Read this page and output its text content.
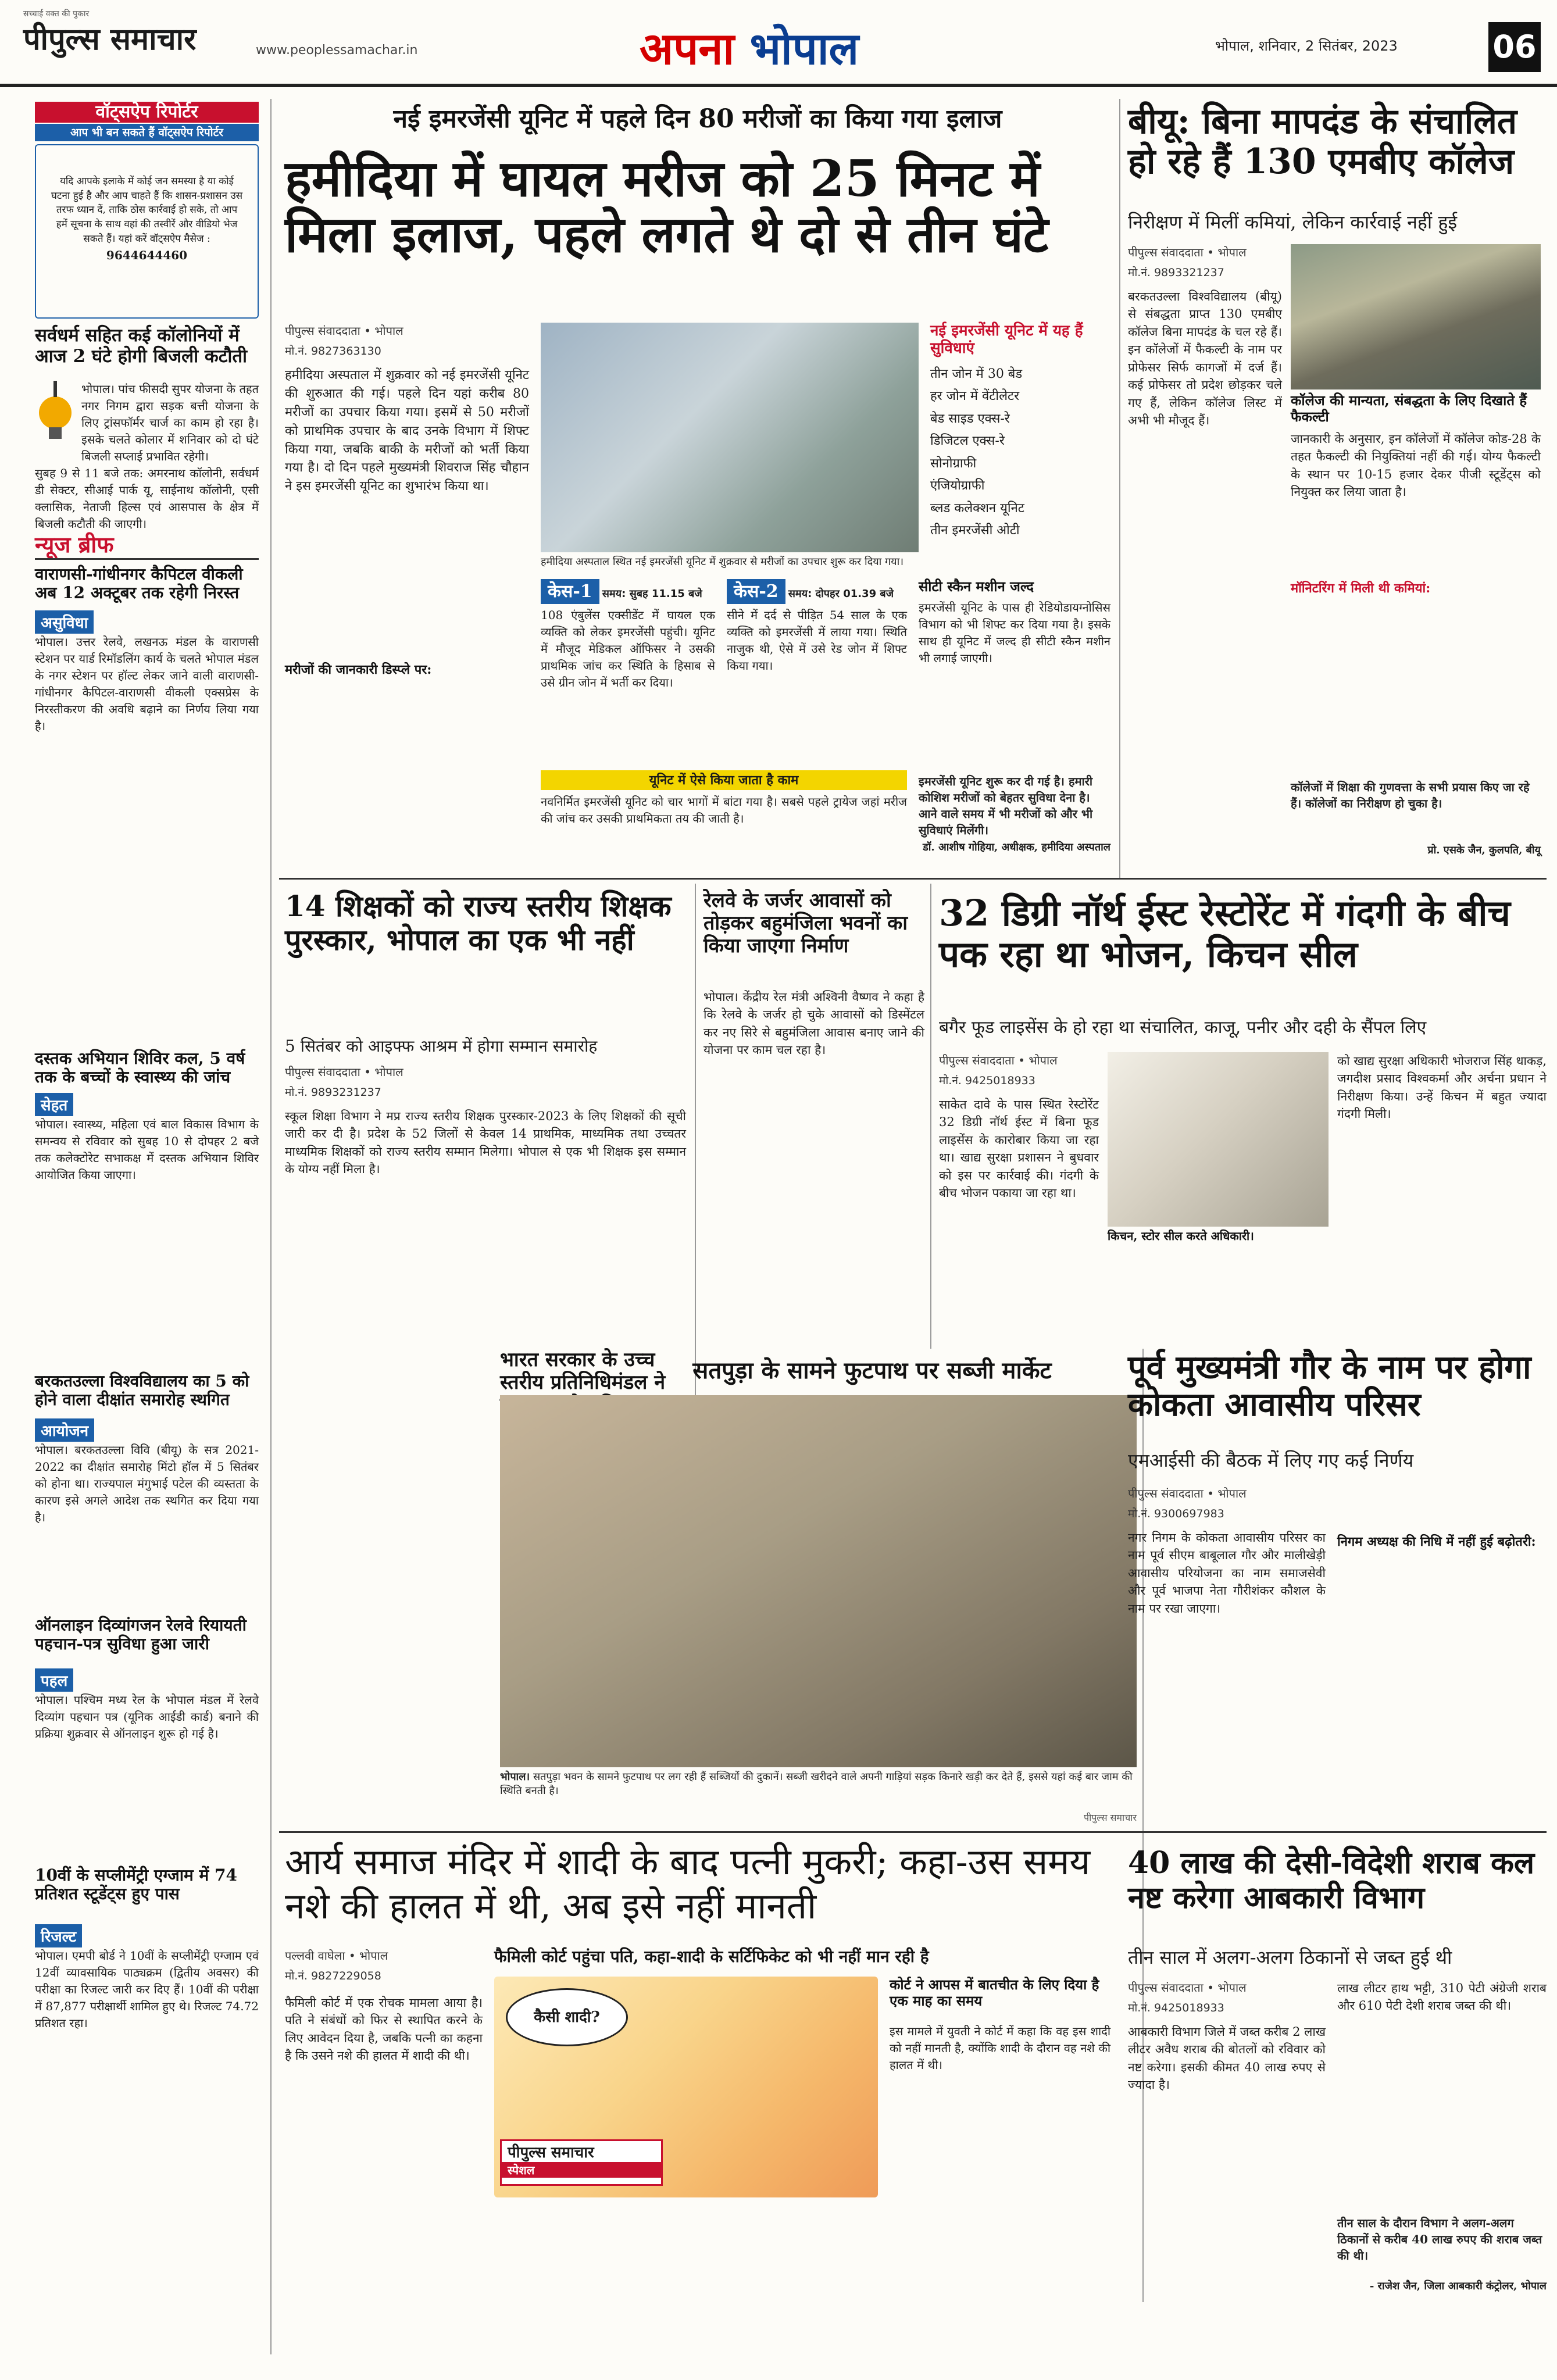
सच्चाई वक्त की पुकार
पीपुल्स समाचार	www.peoplessamachar.in	अपना भोपाल	भोपाल, शनिवार, 2 सितंबर, 2023	06
वॉट्सऐप रिपोर्टर
आप भी बन सकते हैं वॉट्सऐप रिपोर्टर
यदि आपके इलाके में कोई जन समस्या है या कोई घटना हुई है और आप चाहते हैं कि शासन-प्रशासन उस तरफ ध्यान दें, ताकि ठोस कार्रवाई हो सके, तो आप हमें सूचना के साथ वहां की तस्वीरें और वीडियो भेज सकते हैं। यहां करें वॉट्सऐप मैसेज :
9644644460
सर्वधर्म सहित कई कॉलोनियों में आज 2 घंटे होगी बिजली कटौती
भोपाल। पांच फीसदी सुपर योजना के तहत नगर निगम द्वारा सड़क बत्ती योजना के लिए ट्रांसफॉर्मर चार्ज का काम हो रहा है। इसके चलते कोलार में शनिवार को दो घंटे बिजली सप्लाई प्रभावित रहेगी।
सुबह 9 से 11 बजे तक: अमरनाथ कॉलोनी, सर्वधर्म डी सेक्टर, सीआई पार्क यू, साईनाथ कॉलोनी, एसी क्लासिक, नेताजी हिल्स एवं आसपास के क्षेत्र में बिजली कटौती की जाएगी।
न्यूज ब्रीफ
वाराणसी-गांधीनगर कैपिटल वीकली अब 12 अक्टूबर तक रहेगी निरस्त
असुविधा
भोपाल। उत्तर रेलवे, लखनऊ मंडल के वाराणसी स्टेशन पर यार्ड रिमॉडलिंग कार्य के चलते भोपाल मंडल के नगर स्टेशन पर हॉल्ट लेकर जाने वाली वाराणसी-गांधीनगर कैपिटल-वाराणसी वीकली एक्सप्रेस के निरस्तीकरण की अवधि बढ़ाने का निर्णय लिया गया है।
दस्तक अभियान शिविर कल, 5 वर्ष तक के बच्चों के स्वास्थ्य की जांच
सेहत
भोपाल। स्वास्थ्य, महिला एवं बाल विकास विभाग के समन्वय से रविवार को सुबह 10 से दोपहर 2 बजे तक कलेक्टोरेट सभाकक्ष में दस्तक अभियान शिविर आयोजित किया जाएगा।
बरकतउल्ला विश्वविद्यालय का 5 को होने वाला दीक्षांत समारोह स्थगित
आयोजन
भोपाल। बरकतउल्ला विवि (बीयू) के सत्र 2021-2022 का दीक्षांत समारोह मिंटो हॉल में 5 सितंबर को होना था। राज्यपाल मंगुभाई पटेल की व्यस्तता के कारण इसे अगले आदेश तक स्थगित कर दिया गया है।
ऑनलाइन दिव्यांगजन रेलवे रियायती पहचान-पत्र सुविधा हुआ जारी
पहल
भोपाल। पश्चिम मध्य रेल के भोपाल मंडल में रेलवे दिव्यांग पहचान पत्र (यूनिक आईडी कार्ड) बनाने की प्रक्रिया शुक्रवार से ऑनलाइन शुरू हो गई है।
10वीं के सप्लीमेंट्री एग्जाम में 74 प्रतिशत स्टूडेंट्स हुए पास
रिजल्ट
भोपाल। एमपी बोर्ड ने 10वीं के सप्लीमेंट्री एग्जाम एवं 12वीं व्यावसायिक पाठ्यक्रम (द्वितीय अवसर) की परीक्षा का रिजल्ट जारी कर दिए हैं। 10वीं की परीक्षा में 87,877 परीक्षार्थी शामिल हुए थे। रिजल्ट 74.72 प्रतिशत रहा।
नई इमरजेंसी यूनिट में पहले दिन 80 मरीजों का किया गया इलाज
हमीदिया में घायल मरीज को 25 मिनट में मिला इलाज, पहले लगते थे दो से तीन घंटे
पीपुल्स संवाददाता • भोपाल
मो.नं. 9827363130
हमीदिया अस्पताल स्थित नई इमरजेंसी यूनिट में शुक्रवार से मरीजों का उपचार शुरू कर दिया गया।
नई इमरजेंसी यूनिट में यह हैं सुविधाएं
तीन जोन में 30 बेड
हर जोन में वेंटीलेटर
बेड साइड एक्स-रे
डिजिटल एक्स-रे
सोनोग्राफी
एंजियोग्राफी
ब्लड कलेक्शन यूनिट
तीन इमरजेंसी ओटी
हमीदिया अस्पताल में शुक्रवार को नई इमरजेंसी यूनिट की शुरुआत की गई। पहले दिन यहां करीब 80 मरीजों का उपचार किया गया। इसमें से 50 मरीजों को प्राथमिक उपचार के बाद उनके विभाग में शिफ्ट किया गया, जबकि बाकी के मरीजों को भर्ती किया गया है। दो दिन पहले मुख्यमंत्री शिवराज सिंह चौहान ने इस इमरजेंसी यूनिट का शुभारंभ किया था।
मरीजों की जानकारी डिस्प्ले पर:
केस-1 समय: सुबह 11.15 बजे
108 एंबुलेंस एक्सीडेंट में घायल एक व्यक्ति को लेकर इमरजेंसी पहुंची। यूनिट में मौजूद मेडिकल ऑफिसर ने उसकी प्राथमिक जांच कर स्थिति के हिसाब से उसे ग्रीन जोन में भर्ती कर दिया।
केस-2 समय: दोपहर 01.39 बजे
सीने में दर्द से पीड़ित 54 साल के एक व्यक्ति को इमरजेंसी में लाया गया। स्थिति नाजुक थी, ऐसे में उसे रेड जोन में शिफ्ट किया गया।
सीटी स्कैन मशीन जल्द
इमरजेंसी यूनिट के पास ही रेडियोडायग्नोसिस विभाग को भी शिफ्ट कर दिया गया है। इसके साथ ही यूनिट में जल्द ही सीटी स्कैन मशीन भी लगाई जाएगी।
यूनिट में ऐसे किया जाता है काम
नवनिर्मित इमरजेंसी यूनिट को चार भागों में बांटा गया है। सबसे पहले ट्रायेज जहां मरीज की जांच कर उसकी प्राथमिकता तय की जाती है।
इमरजेंसी यूनिट शुरू कर दी गई है। हमारी कोशिश मरीजों को बेहतर सुविधा देना है। आने वाले समय में भी मरीजों को और भी सुविधाएं मिलेंगी।
डॉ. आशीष गोहिया, अधीक्षक, हमीदिया अस्पताल
बीयू: बिना मापदंड के संचालित हो रहे हैं 130 एमबीए कॉलेज
निरीक्षण में मिलीं कमियां, लेकिन कार्रवाई नहीं हुई
पीपुल्स संवाददाता • भोपाल
मो.नं. 9893321237
कॉलेज की मान्यता, संबद्धता के लिए दिखाते हैं फैकल्टी
बरकतउल्ला विश्वविद्यालय (बीयू) से संबद्धता प्राप्त 130 एमबीए कॉलेज बिना मापदंड के चल रहे हैं। इन कॉलेजों में फैकल्टी के नाम पर प्रोफेसर सिर्फ कागजों में दर्ज हैं। कई प्रोफेसर तो प्रदेश छोड़कर चले गए हैं, लेकिन कॉलेज लिस्ट में अभी भी मौजूद हैं।
जानकारी के अनुसार, इन कॉलेजों में कॉलेज कोड-28 के तहत फैकल्टी की नियुक्तियां नहीं की गई। योग्य फैकल्टी के स्थान पर 10-15 हजार देकर पीजी स्टूडेंट्स को नियुक्त कर लिया जाता है।
मॉनिटरिंग में मिली थी कमियां:
कॉलेजों में शिक्षा की गुणवत्ता के सभी प्रयास किए जा रहे हैं। कॉलेजों का निरीक्षण हो चुका है।
प्रो. एसके जैन, कुलपति, बीयू
14 शिक्षकों को राज्य स्तरीय शिक्षक पुरस्कार, भोपाल का एक भी नहीं
5 सितंबर को आइफ्फ आश्रम में होगा सम्मान समारोह
पीपुल्स संवाददाता • भोपाल
मो.नं. 9893231237
स्कूल शिक्षा विभाग ने मप्र राज्य स्तरीय शिक्षक पुरस्कार-2023 के लिए शिक्षकों की सूची जारी कर दी है। प्रदेश के 52 जिलों से केवल 14 प्राथमिक, माध्यमिक तथा उच्चतर माध्यमिक शिक्षकों को राज्य स्तरीय सम्मान मिलेगा। भोपाल से एक भी शिक्षक इस सम्मान के योग्य नहीं मिला है।
रेलवे के जर्जर आवासों को तोड़कर बहुमंजिला भवनों का किया जाएगा निर्माण
भोपाल। केंद्रीय रेल मंत्री अश्विनी वैष्णव ने कहा है कि रेलवे के जर्जर हो चुके आवासों को डिस्मेंटल कर नए सिरे से बहुमंजिला आवास बनाए जाने की योजना पर काम चल रहा है।
32 डिग्री नॉर्थ ईस्ट रेस्टोरेंट में गंदगी के बीच पक रहा था भोजन, किचन सील
बगैर फूड लाइसेंस के हो रहा था संचालित, काजू, पनीर और दही के सैंपल लिए
पीपुल्स संवाददाता • भोपाल
मो.नं. 9425018933
साकेत दावे के पास स्थित रेस्टोरेंट 32 डिग्री नॉर्थ ईस्ट में बिना फूड लाइसेंस के कारोबार किया जा रहा था। खाद्य सुरक्षा प्रशासन ने बुधवार को इस पर कार्रवाई की। गंदगी के बीच भोजन पकाया जा रहा था।
किचन, स्टोर सील करते अधिकारी।
को खाद्य सुरक्षा अधिकारी भोजराज सिंह धाकड़, जगदीश प्रसाद विश्वकर्मा और अर्चना प्रधान ने निरीक्षण किया। उन्हें किचन में बहुत ज्यादा गंदगी मिली।
भारत सरकार के उच्च स्तरीय प्रतिनिधिमंडल ने	सतपुड़ा के सामने फुटपाथ पर सब्जी मार्केट
भोपाल। सतपुड़ा भवन के सामने फुटपाथ पर लग रही हैं सब्जियों की दुकानें। सब्जी खरीदने वाले अपनी गाड़ियां सड़क किनारे खड़ी कर देते हैं, इससे यहां कई बार जाम की स्थिति बनती है।
पीपुल्स समाचार
पूर्व मुख्यमंत्री गौर के नाम पर होगा कोकता आवासीय परिसर
एमआईसी की बैठक में लिए गए कई निर्णय
पीपुल्स संवाददाता • भोपाल
मो.नं. 9300697983
नगर निगम के कोकता आवासीय परिसर का नाम पूर्व सीएम बाबूलाल गौर और मालीखेड़ी आवासीय परियोजना का नाम समाजसेवी और पूर्व भाजपा नेता गौरीशंकर कौशल के नाम पर रखा जाएगा।
निगम अध्यक्ष की निधि में नहीं हुई बढ़ोतरी:
आर्य समाज मंदिर में शादी के बाद पत्नी मुकरी; कहा-उस समय नशे की हालत में थी, अब इसे नहीं मानती
पल्लवी वाघेला • भोपाल
मो.नं. 9827229058
फैमिली कोर्ट पहुंचा पति, कहा-शादी के सर्टिफिकेट को भी नहीं मान रही है
फैमिली कोर्ट में एक रोचक मामला आया है। पति ने संबंधों को फिर से स्थापित करने के लिए आवेदन दिया है, जबकि पत्नी का कहना है कि उसने नशे की हालत में शादी की थी।
कैसी शादी?
पीपुल्स समाचार
स्पेशल
कोर्ट ने आपस में बातचीत के लिए दिया है एक माह का समय
इस मामले में युवती ने कोर्ट में कहा कि वह इस शादी को नहीं मानती है, क्योंकि शादी के दौरान वह नशे की हालत में थी।
40 लाख की देसी-विदेशी शराब कल नष्ट करेगा आबकारी विभाग
तीन साल में अलग-अलग ठिकानों से जब्त हुई थी
पीपुल्स संवाददाता • भोपाल
मो.नं. 9425018933
आबकारी विभाग जिले में जब्त करीब 2 लाख लीटर अवैध शराब की बोतलों को रविवार को नष्ट करेगा। इसकी कीमत 40 लाख रुपए से ज्यादा है।
लाख लीटर हाथ भट्टी, 310 पेटी अंग्रेजी शराब और 610 पेटी देशी शराब जब्त की थी।
तीन साल के दौरान विभाग ने अलग-अलग ठिकानों से करीब 40 लाख रुपए की शराब जब्त की थी।
- राजेश जैन, जिला आबकारी कंट्रोलर, भोपाल
